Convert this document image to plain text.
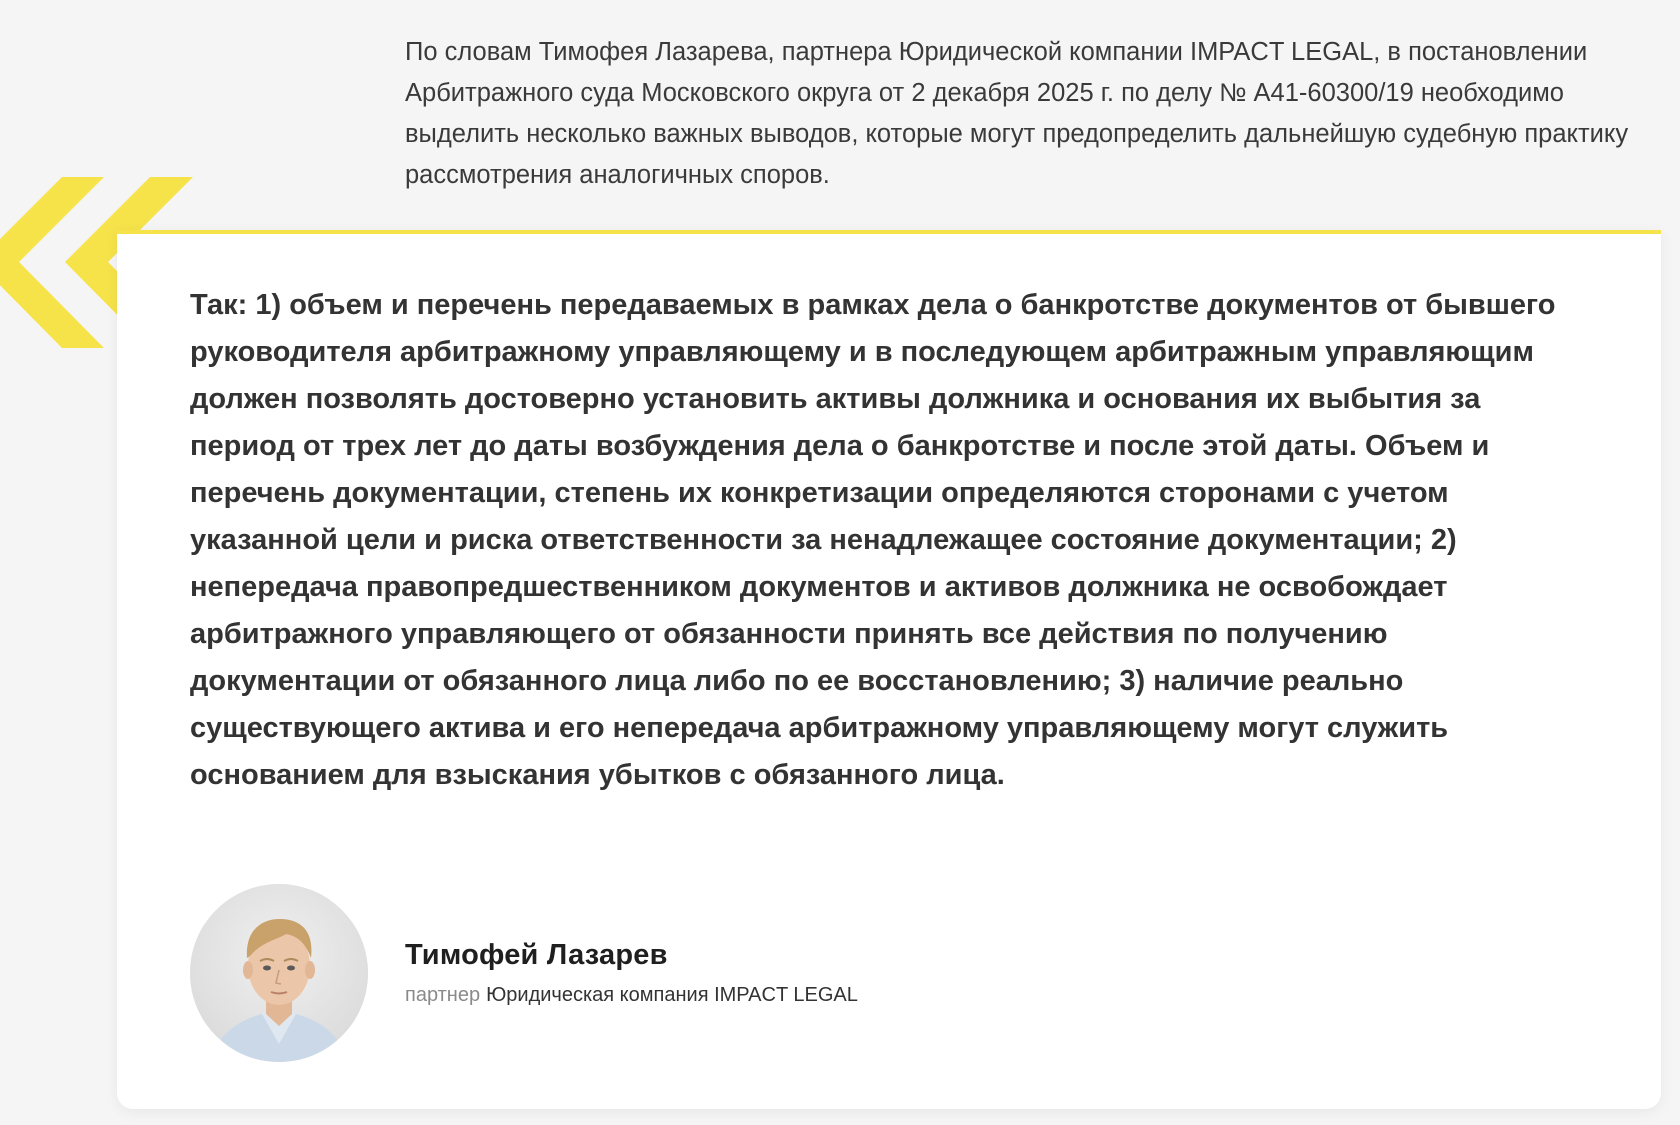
По словам Тимофея Лазарева, партнера Юридической компании IMPACT LEGAL, в постановлении Арбитражного суда Московского округа от 2 декабря 2025 г. по делу № А41-60300/19 необходимо выделить несколько важных выводов, которые могут предопределить дальнейшую судебную практику рассмотрения аналогичных споров.

Так: 1) объем и перечень передаваемых в рамках дела о банкротстве документов от бывшего руководителя арбитражному управляющему и в последующем арбитражным управляющим должен позволять достоверно установить активы должника и основания их выбытия за период от трех лет до даты возбуждения дела о банкротстве и после этой даты. Объем и перечень документации, степень их конкретизации определяются сторонами с учетом указанной цели и риска ответственности за ненадлежащее состояние документации; 2) непередача правопредшественником документов и активов должника не освобождает арбитражного управляющего от обязанности принять все действия по получению документации от обязанного лица либо по ее восстановлению; 3) наличие реально существующего актива и его непередача арбитражному управляющему могут служить основанием для взыскания убытков с обязанного лица.

Тимофей Лазарев
партнер Юридическая компания IMPACT LEGAL
